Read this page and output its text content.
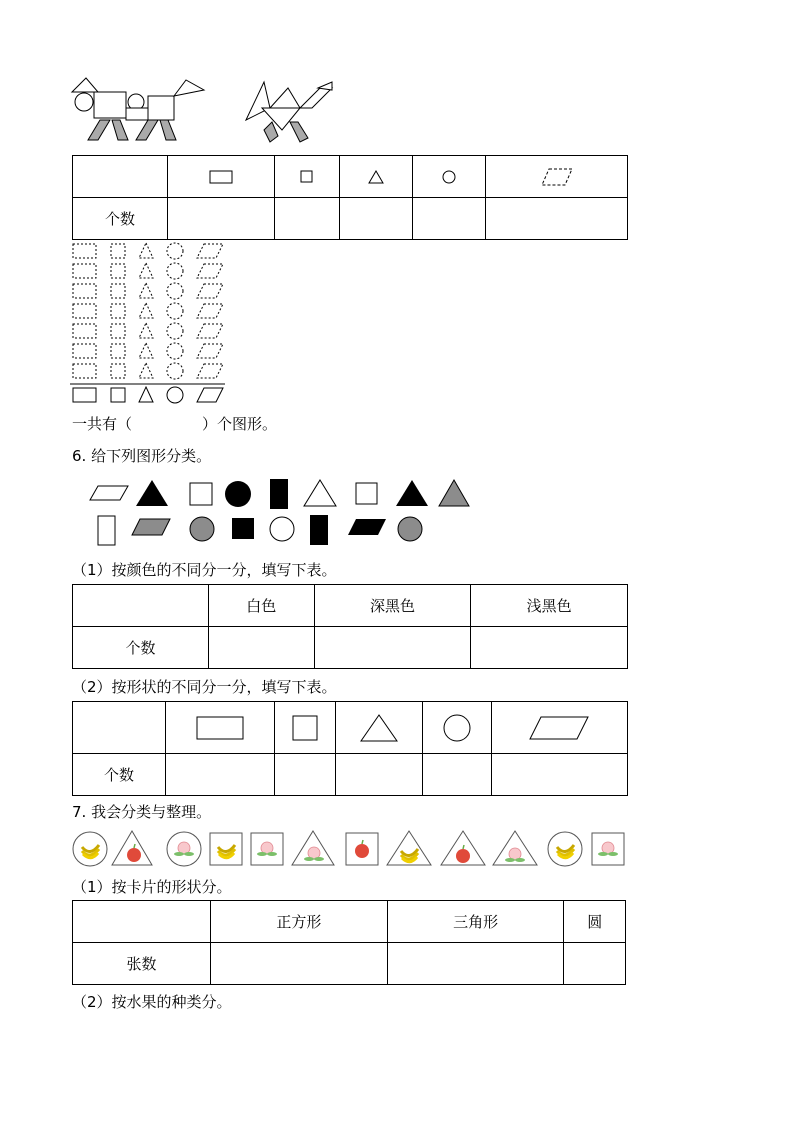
个数					
一共有（	）个图形。
6. 给下列图形分类。
（1）按颜色的不同分一分，填写下表。
	白色	深黑色	浅黑色
个数			
（2）按形状的不同分一分，填写下表。

个数					
7. 我会分类与整理。
（1）按卡片的形状分。
	正方形	三角形	圆
张数			
（2）按水果的种类分。
